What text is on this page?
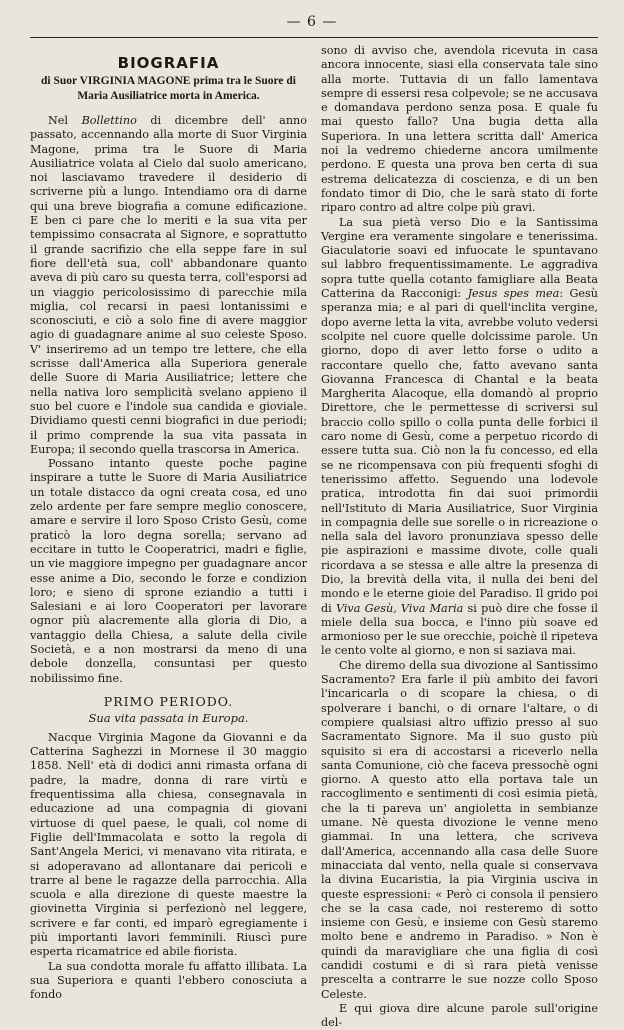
— 6 —
BIOGRAFIA
di Suor VIRGINIA MAGONE prima tra le Suore di Maria Ausiliatrice morta in America.

Nel Bollettino di dicembre dell' anno passato, accennando alla morte di Suor Virginia Magone, prima tra le Suore di Maria Ausiliatrice volata al Cielo dal suolo americano, noi lasciavamo travedere il desiderio di scriverne più a lungo. Intendiamo ora di darne qui una breve biografia a comune edificazione. E ben ci pare che lo meriti e la sua vita per tempissimo consacrata al Signore, e soprattutto il grande sacrifizio che ella seppe fare in sul fiore dell'età sua, coll' abbandonare quanto aveva di più caro su questa terra, coll'esporsi ad un viaggio pericolosissimo di parecchie mila miglia, col recarsi in paesi lontanissimi e sconosciuti, e ciò a solo fine di avere maggior agio di guadagnare anime al suo celeste Sposo. V' inseriremo ad un tempo tre lettere, che ella scrisse dall'America alla Superiora generale delle Suore di Maria Ausiliatrice; lettere che nella nativa loro semplicità svelano appieno il suo bel cuore e l'indole sua candida e gioviale. Dividiamo questi cenni biografici in due periodi; il primo comprende la sua vita passata in Europa; il secondo quella trascorsa in America.

Possano intanto queste poche pagine inspirare a tutte le Suore di Maria Ausiliatrice un totale distacco da ogni creata cosa, ed uno zelo ardente per fare sempre meglio conoscere, amare e servire il loro Sposo Cristo Gesù, come praticò la loro degna sorella; servano ad eccitare in tutto le Cooperatrici, madri e figlie, un vie maggiore impegno per guadagnare ancor esse anime a Dio, secondo le forze e condizion loro; e sieno di sprone eziandio a tutti i Salesiani e ai loro Cooperatori per lavorare ognor più alacremente alla gloria di Dio, a vantaggio della Chiesa, a salute della civile Società, e a non mostrarsi da meno di una debole donzella, consuntasi per questo nobilissimo fine.

PRIMO PERIODO.
Sua vita passata in Europa.

Nacque Virginia Magone da Giovanni e da Catterina Saghezzi in Mornese il 30 maggio 1858. Nell' età di dodici anni rimasta orfana di padre, la madre, donna di rare virtù e frequentissima alla chiesa, consegnavala in educazione ad una compagnia di giovani virtuose di quel paese, le quali, col nome di Figlie dell'Immacolata e sotto la regola di Sant'Angela Merici, vi menavano vita ritirata, e si adoperavano ad allontanare dai pericoli e trarre al bene le ragazze della parrocchia. Alla scuola e alla direzione di queste maestre la giovinetta Virginia si perfezionò nel leggere, scrivere e far conti, ed imparò egregiamente i più importanti lavori femminili. Riuscì pure esperta ricamatrice ed abile fiorista.

La sua condotta morale fu affatto illibata. La sua Superiora e quanti l'ebbero conosciuta a fondo

sono di avviso che, avendola ricevuta in casa ancora innocente, siasi ella conservata tale sino alla morte. Tuttavia di un fallo lamentava sempre di essersi resa colpevole; se ne accusava e domandava perdono senza posa. E quale fu mai questo fallo? Una bugia detta alla Superiora. In una lettera scritta dall' America noi la vedremo chiederne ancora umilmente perdono. E questa una prova ben certa di sua estrema delicatezza di coscienza, e di un ben fondato timor di Dio, che le sarà stato di forte riparo contro ad altre colpe più gravi.

La sua pietà verso Dio e la Santissima Vergine era veramente singolare e tenerissima. Giaculatorie soavi ed infuocate le spuntavano sul labbro frequentissimamente. Le aggradiva sopra tutte quella cotanto famigliare alla Beata Catterina da Racconigi: Jesus spes mea: Gesù speranza mia; e al pari di quell'inclita vergine, dopo averne letta la vita, avrebbe voluto vedersi scolpite nel cuore quelle dolcissime parole. Un giorno, dopo di aver letto forse o udito a raccontare quello che, fatto avevano santa Giovanna Francesca di Chantal e la beata Margherita Alacoque, ella domandò al proprio Direttore, che le permettesse di scriversi sul braccio collo spillo o colla punta delle forbici il caro nome di Gesù, come a perpetuo ricordo di essere tutta sua. Ciò non la fu concesso, ed ella se ne ricompensava con più frequenti sfoghi di tenerissimo affetto. Seguendo una lodevole pratica, introdotta fin dai suoi primordii nell'Istituto di Maria Ausiliatrice, Suor Virginia in compagnia delle sue sorelle o in ricreazione o nella sala del lavoro pronunziava spesso delle pie aspirazioni e massime divote, colle quali ricordava a se stessa e alle altre la presenza di Dio, la brevità della vita, il nulla dei beni del mondo e le eterne gioie del Paradiso. Il grido poi di Viva Gesù, Viva Maria si può dire che fosse il miele della sua bocca, e l'inno più soave ed armonioso per le sue orecchie, poichè il ripeteva le cento volte al giorno, e non si saziava mai.

Che diremo della sua divozione al Santissimo Sacramento? Era farle il più ambito dei favori l'incaricarla o di scopare la chiesa, o di spolverare i banchi, o di ornare l'altare, o di compiere qualsiasi altro uffizio presso al suo Sacramentato Signore. Ma il suo gusto più squisito si era di accostarsi a riceverlo nella santa Comunione, ciò che faceva pressochè ogni giorno. A questo atto ella portava tale un raccoglimento e sentimenti di così esimia pietà, che la ti pareva un' angioletta in sembianze umane. Nè questa divozione le venne meno giammai. In una lettera, che scriveva dall'America, accennando alla casa delle Suore minacciata dal vento, nella quale si conservava la divina Eucaristia, la pia Virginia usciva in queste espressioni: « Però ci consola il pensiero che se la casa cade, noi resteremo di sotto insieme con Gesù, e insieme con Gesù staremo molto bene e andremo in Paradiso. » Non è quindi da maravigliare che una figlia di così candidi costumi e di sì rara pietà venisse prescelta a contrarre le sue nozze collo Sposo Celeste.

E qui giova dire alcune parole sull'origine del-
